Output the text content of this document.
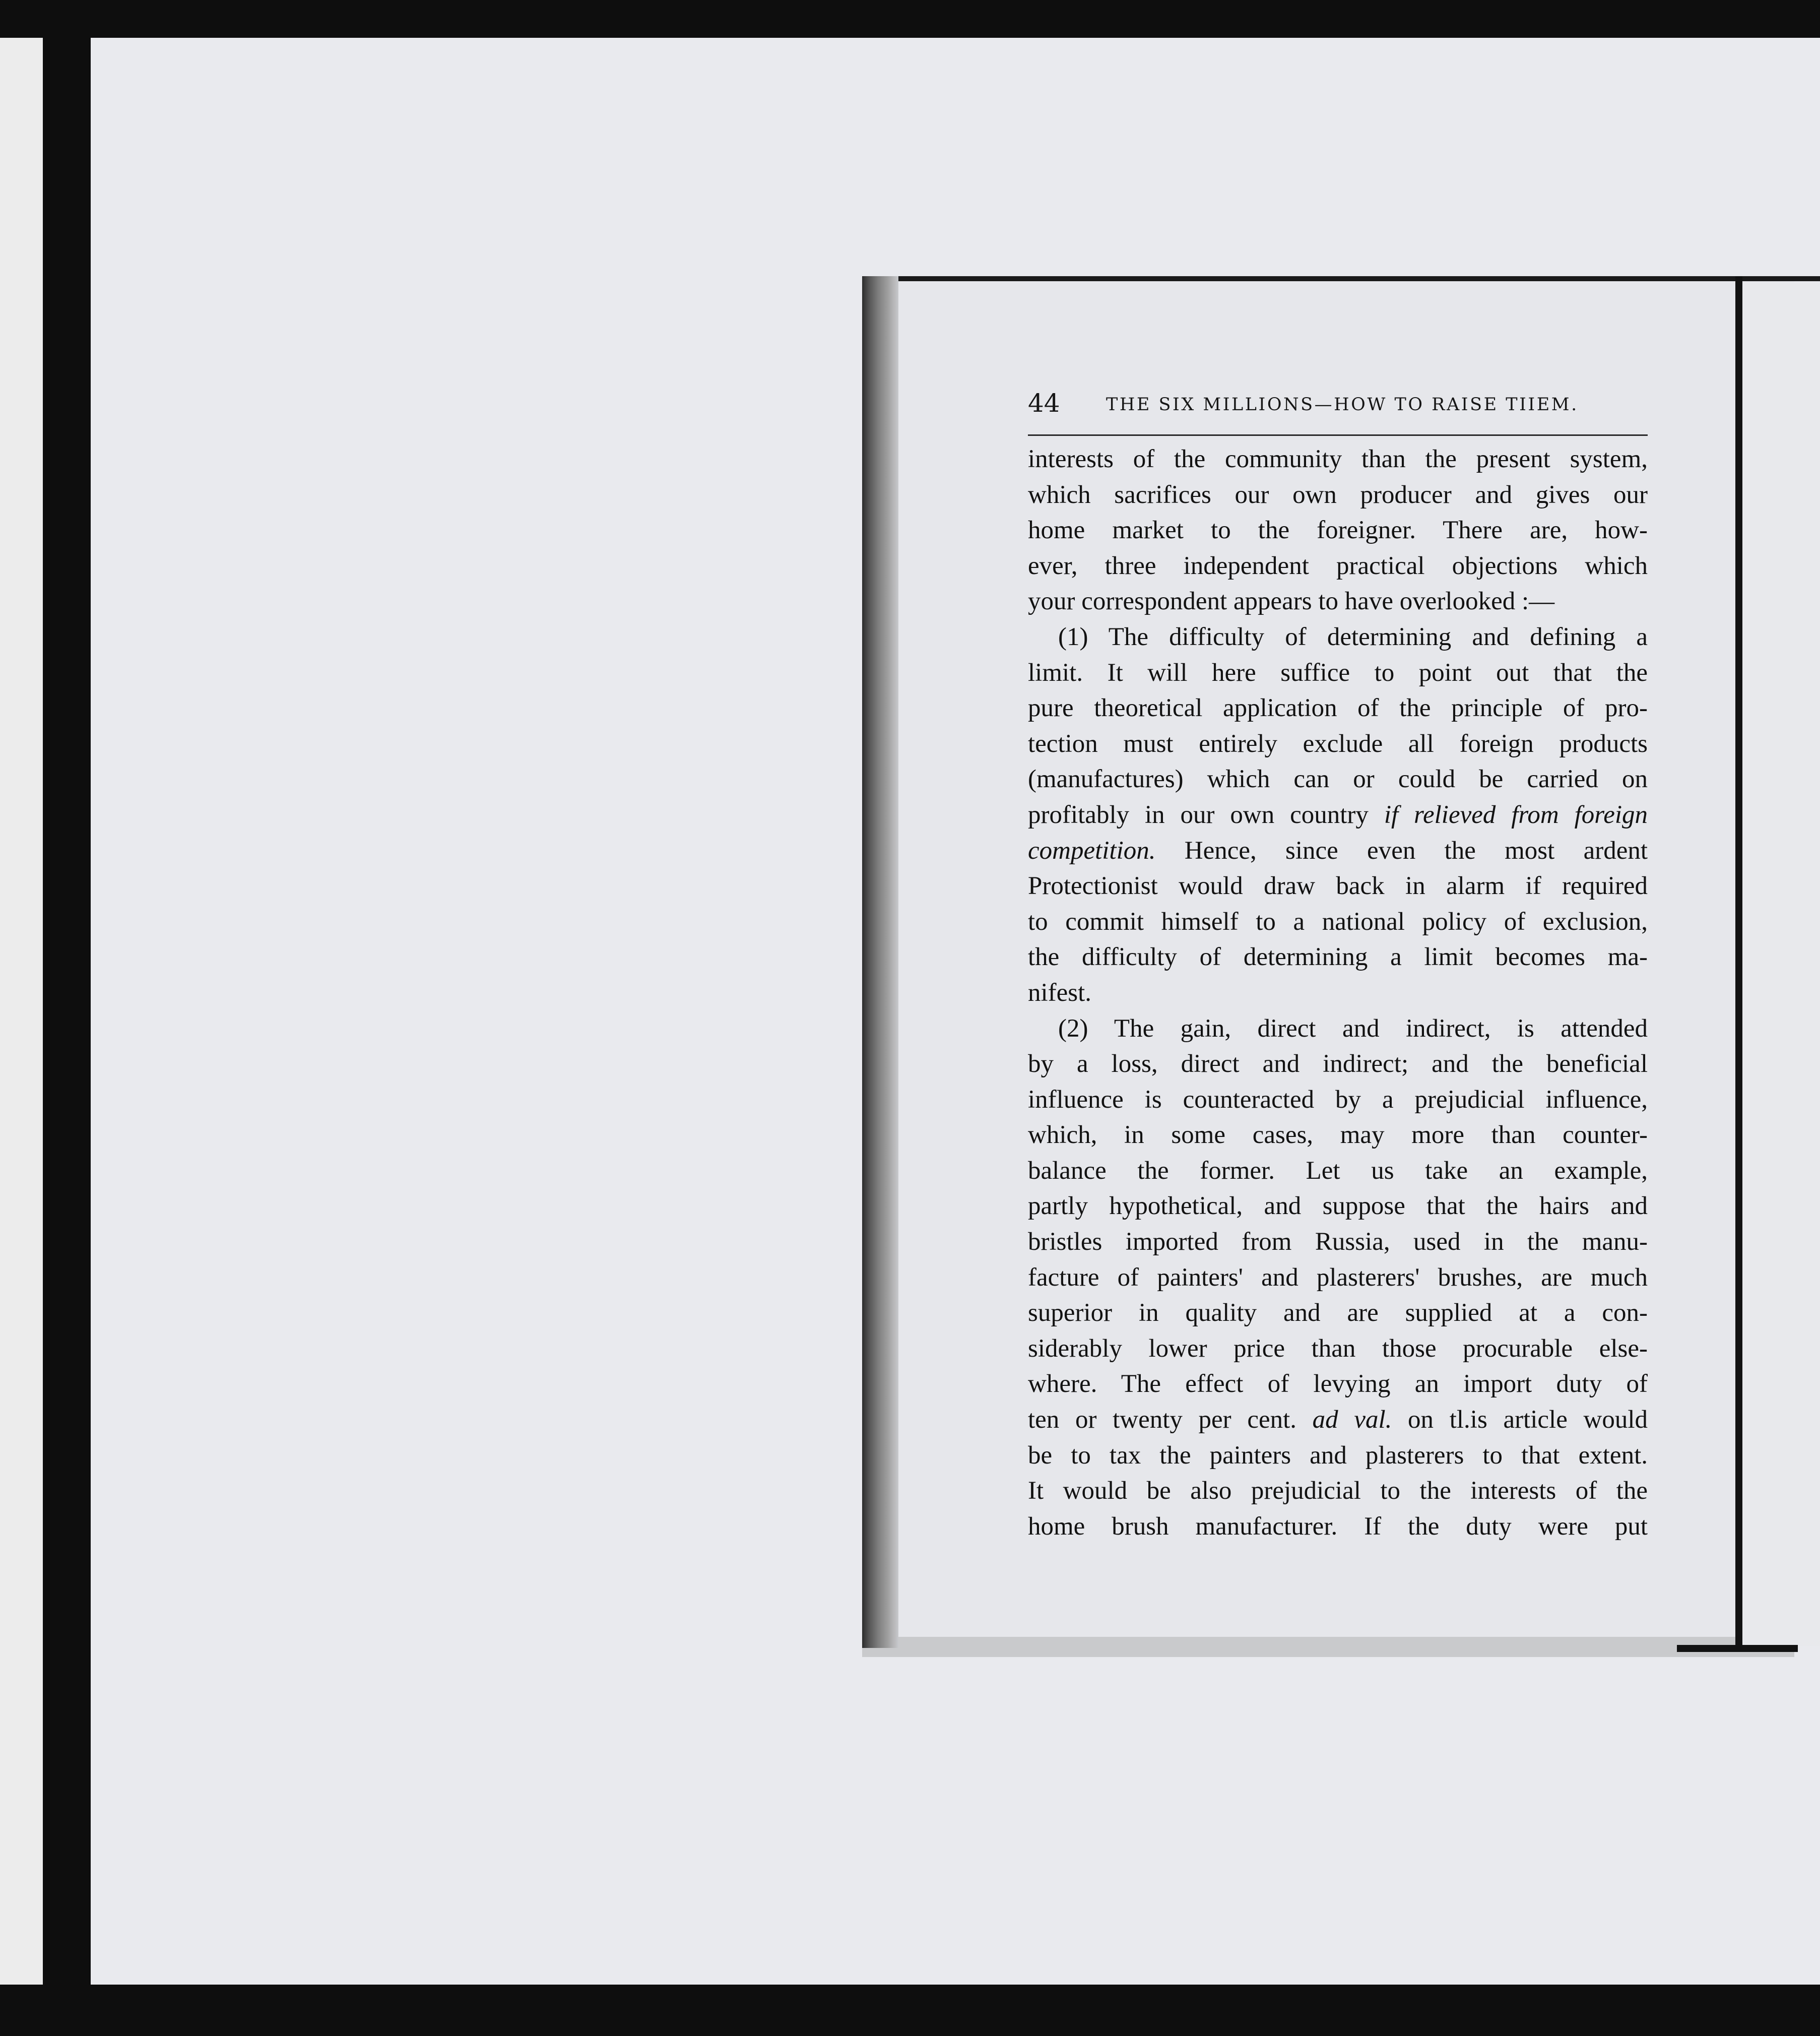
44	THE SIX MILLIONS—HOW TO RAISE TIIEM.
interests of the community than the present system,
which sacrifices our own producer and gives our
home market to the foreigner. There are, how-
ever, three independent practical objections which
your correspondent appears to have overlooked :—
(1) The difficulty of determining and defining a
limit. It will here suffice to point out that the
pure theoretical application of the principle of pro-
tection must entirely exclude all foreign products
(manufactures) which can or could be carried on
profitably in our own country if relieved from foreign
competition. Hence, since even the most ardent
Protectionist would draw back in alarm if required
to commit himself to a national policy of exclusion,
the difficulty of determining a limit becomes ma-
nifest.
(2) The gain, direct and indirect, is attended
by a loss, direct and indirect; and the beneficial
influence is counteracted by a prejudicial influence,
which, in some cases, may more than counter-
balance the former. Let us take an example,
partly hypothetical, and suppose that the hairs and
bristles imported from Russia, used in the manu-
facture of painters' and plasterers' brushes, are much
superior in quality and are supplied at a con-
siderably lower price than those procurable else-
where. The effect of levying an import duty of
ten or twenty per cent. ad val. on tl.is article would
be to tax the painters and plasterers to that extent.
It would be also prejudicial to the interests of the
home brush manufacturer. If the duty were put
